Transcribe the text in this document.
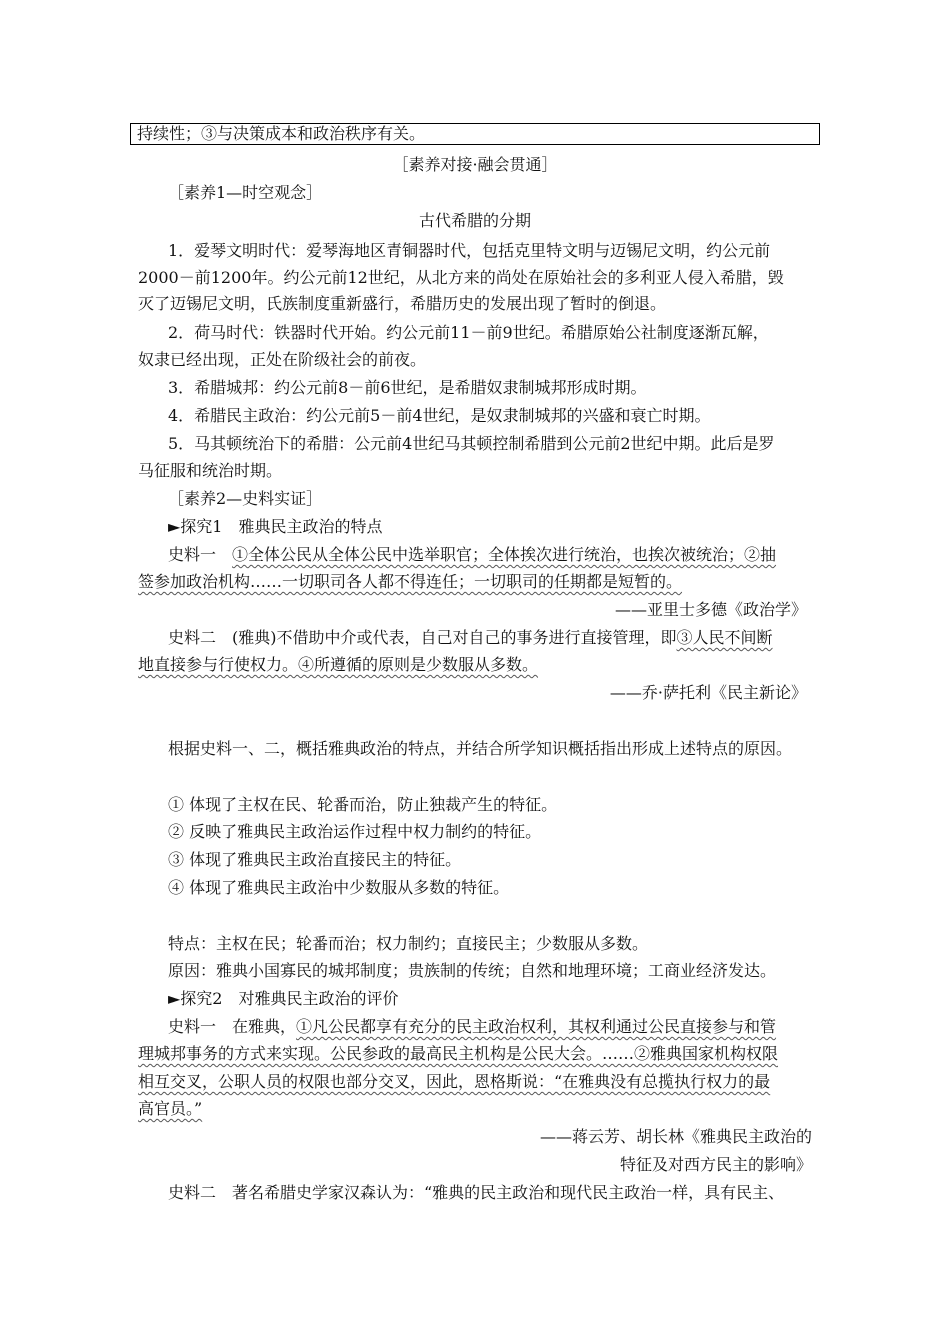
持续性；③与决策成本和政治秩序有关。
［素养对接·融会贯通］
［素养1—时空观念］
古代希腊的分期
1．爱琴文明时代：爱琴海地区青铜器时代，包括克里特文明与迈锡尼文明，约公元前
2000－前1200年。约公元前12世纪，从北方来的尚处在原始社会的多利亚人侵入希腊，毁
灭了迈锡尼文明，氏族制度重新盛行，希腊历史的发展出现了暂时的倒退。
2．荷马时代：铁器时代开始。约公元前11－前9世纪。希腊原始公社制度逐渐瓦解，
奴隶已经出现，正处在阶级社会的前夜。
3．希腊城邦：约公元前8－前6世纪，是希腊奴隶制城邦形成时期。
4．希腊民主政治：约公元前5－前4世纪，是奴隶制城邦的兴盛和衰亡时期。
5．马其顿统治下的希腊：公元前4世纪马其顿控制希腊到公元前2世纪中期。此后是罗
马征服和统治时期。
［素养2—史料实证］
►探究1　雅典民主政治的特点
史料一　①全体公民从全体公民中选举职官；全体挨次进行统治，也挨次被统治；②抽
签参加政治机构……一切职司各人都不得连任；一切职司的任期都是短暂的。
——亚里士多德《政治学》
史料二　(雅典)不借助中介或代表，自己对自己的事务进行直接管理，即③人民不间断
地直接参与行使权力。④所遵循的原则是少数服从多数。
——乔·萨托利《民主新论》
根据史料一、二，概括雅典政治的特点，并结合所学知识概括指出形成上述特点的原因。
① 体现了主权在民、轮番而治，防止独裁产生的特征。
② 反映了雅典民主政治运作过程中权力制约的特征。
③ 体现了雅典民主政治直接民主的特征。
④ 体现了雅典民主政治中少数服从多数的特征。
特点：主权在民；轮番而治；权力制约；直接民主；少数服从多数。
原因：雅典小国寡民的城邦制度；贵族制的传统；自然和地理环境；工商业经济发达。
►探究2　对雅典民主政治的评价
史料一　在雅典，①凡公民都享有充分的民主政治权利，其权利通过公民直接参与和管
理城邦事务的方式来实现。公民参政的最高民主机构是公民大会。……②雅典国家机构权限
相互交叉，公职人员的权限也部分交叉，因此，恩格斯说：“在雅典没有总揽执行权力的最
高官员。”
——蒋云芳、胡长林《雅典民主政治的
特征及对西方民主的影响》
史料二　著名希腊史学家汉森认为：“雅典的民主政治和现代民主政治一样，具有民主、
